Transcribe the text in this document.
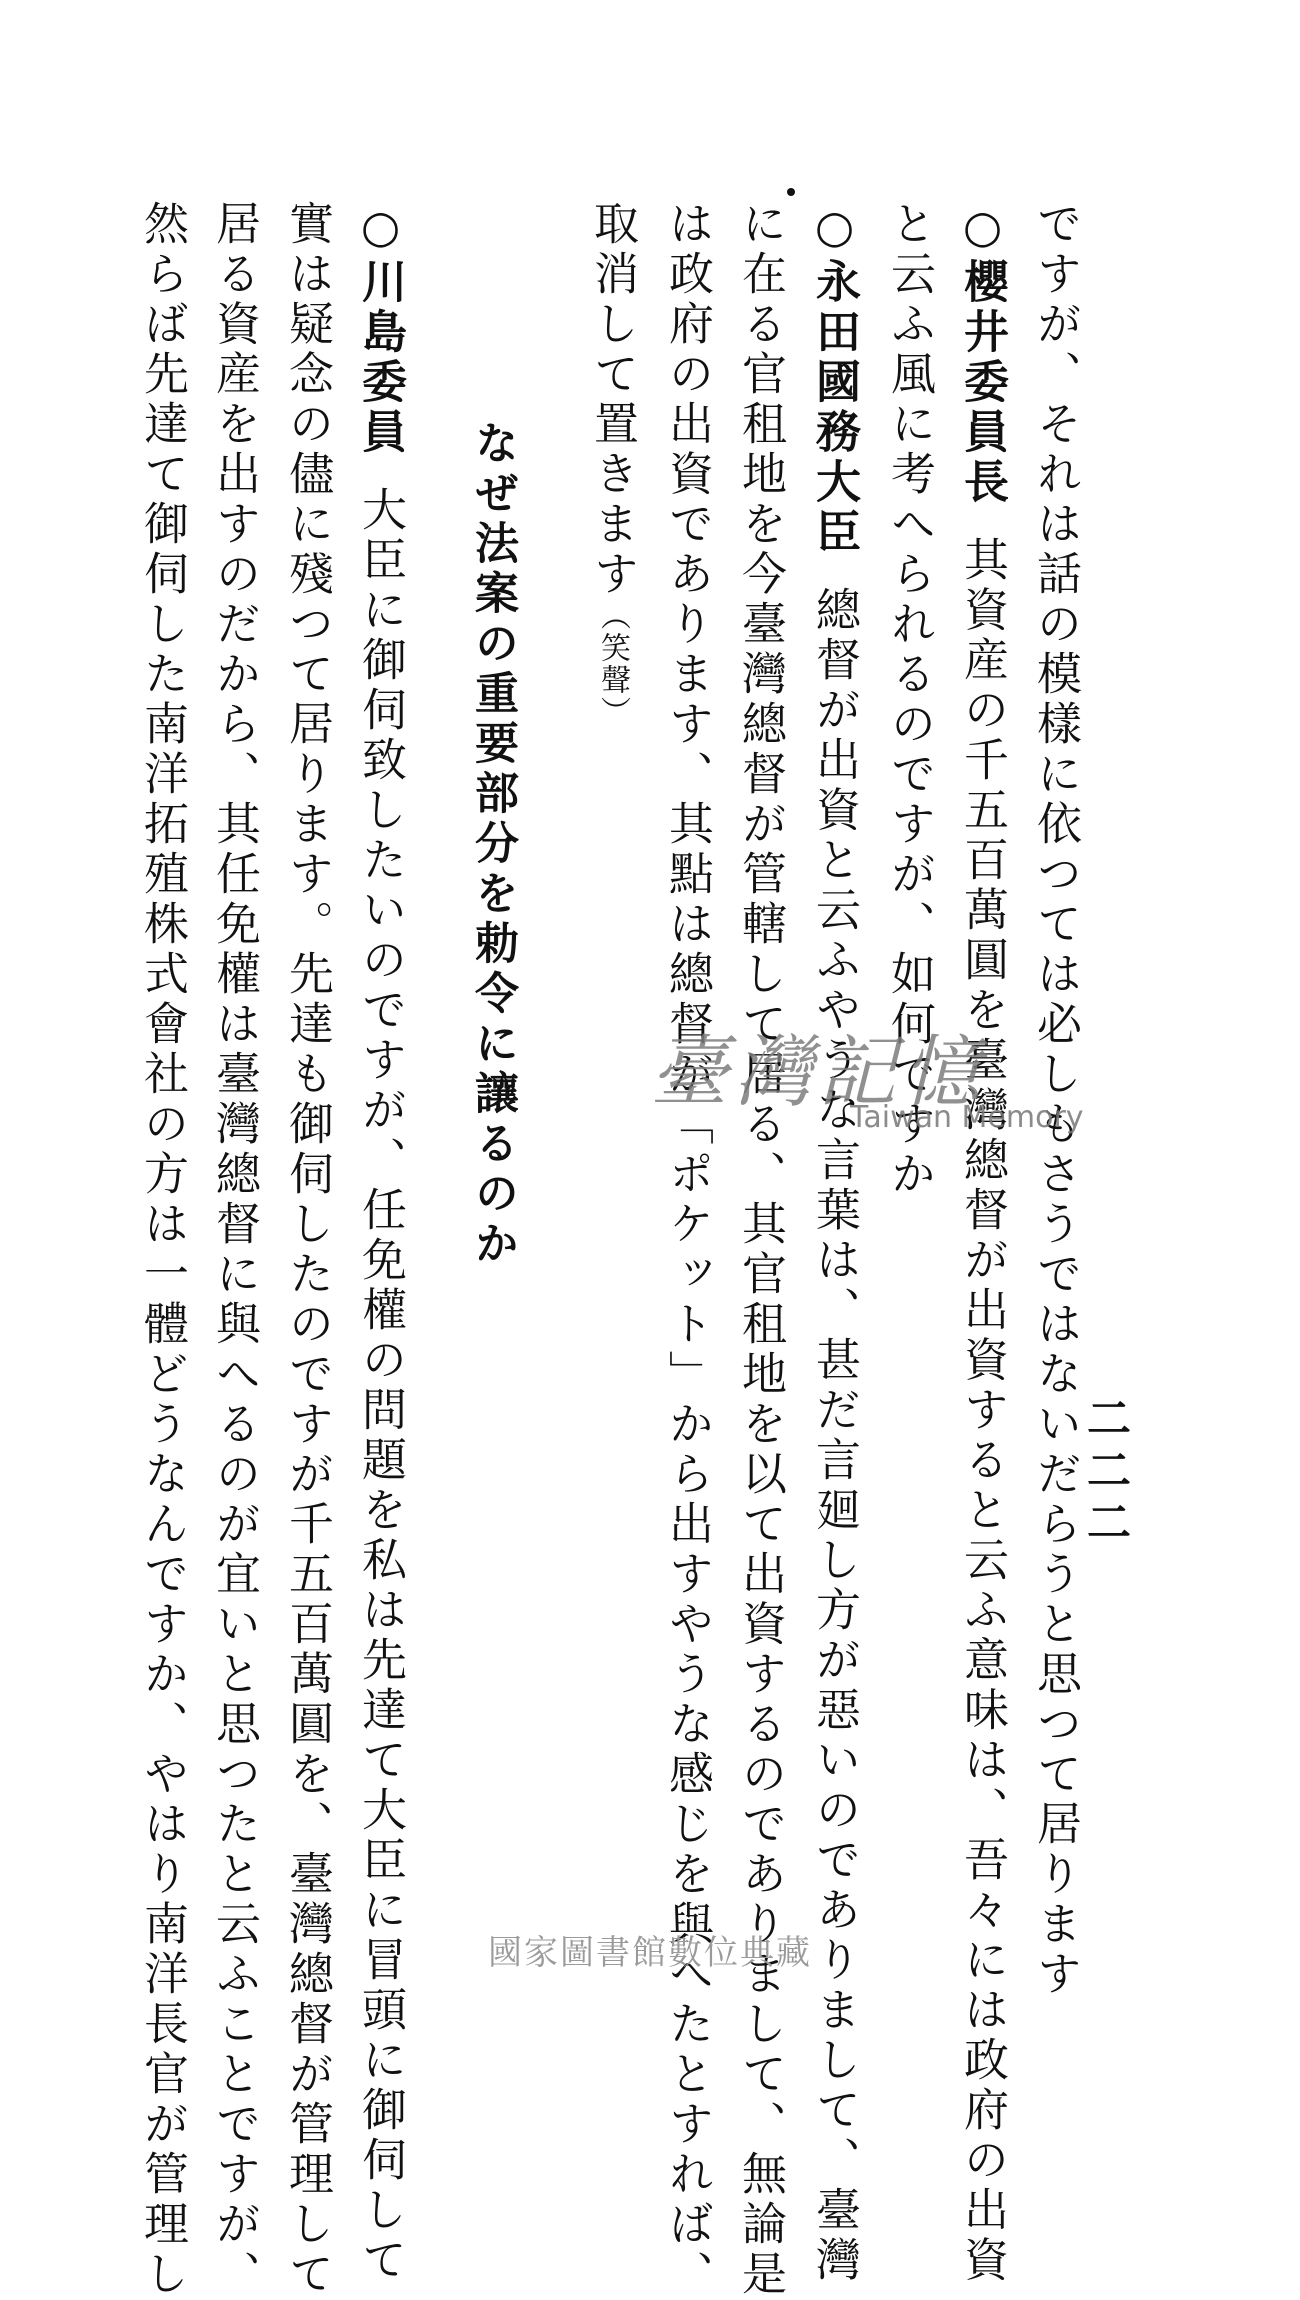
二二二
ですが、それは話の模樣に依つては必しもさうではないだらうと思つて居ります
○櫻井委員長其資産の千五百萬圓を臺灣總督が出資すると云ふ意味は、吾々には政府の出資
と云ふ風に考へられるのですが、如何ですか
○永田國務大臣總督が出資と云ふやうな言葉は、甚だ言廻し方が惡いのでありまして、臺灣
に在る官租地を今臺灣總督が管轄して居る、其官租地を以て出資するのでありまして、無論是
は政府の出資であります、其點は總督が「ポケット」から出すやうな感じを與へたとすれば、
取消して置きます（笑聲）
なぜ法案の重要部分を勅令に讓るのか
○川島委員大臣に御伺致したいのですが、任免權の問題を私は先達て大臣に冒頭に御伺して
實は疑念の儘に殘つて居ります。先達も御伺したのですが千五百萬圓を、臺灣總督が管理して
居る資産を出すのだから、其任免權は臺灣總督に與へるのが宜いと思つたと云ふことですが、
然らば先達て御伺した南洋拓殖株式會社の方は一體どうなんですか、やはり南洋長官が管理し	臺灣記憶
Taiwan Memory
國家圖書館數位典藏
